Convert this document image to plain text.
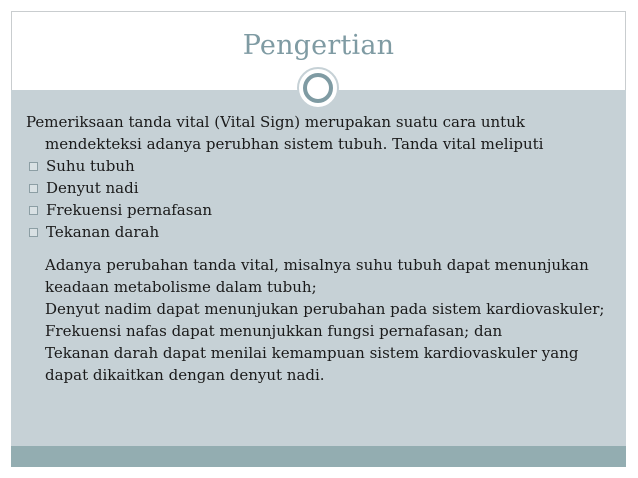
Pengertian

Pemeriksaan tanda vital (Vital Sign) merupakan suatu cara untuk mendekteksi adanya perubhan sistem tubuh. Tanda vital meliputi

Suhu tubuh
Denyut nadi
Frekuensi pernafasan
Tekanan darah

Adanya perubahan tanda vital, misalnya suhu tubuh dapat menunjukan keadaan metabolisme dalam tubuh;

Denyut nadim dapat menunjukan perubahan pada sistem kardiovaskuler;

Frekuensi nafas dapat menunjukkan fungsi pernafasan; dan

Tekanan darah dapat menilai kemampuan sistem kardiovaskuler yang dapat dikaitkan dengan denyut nadi.
